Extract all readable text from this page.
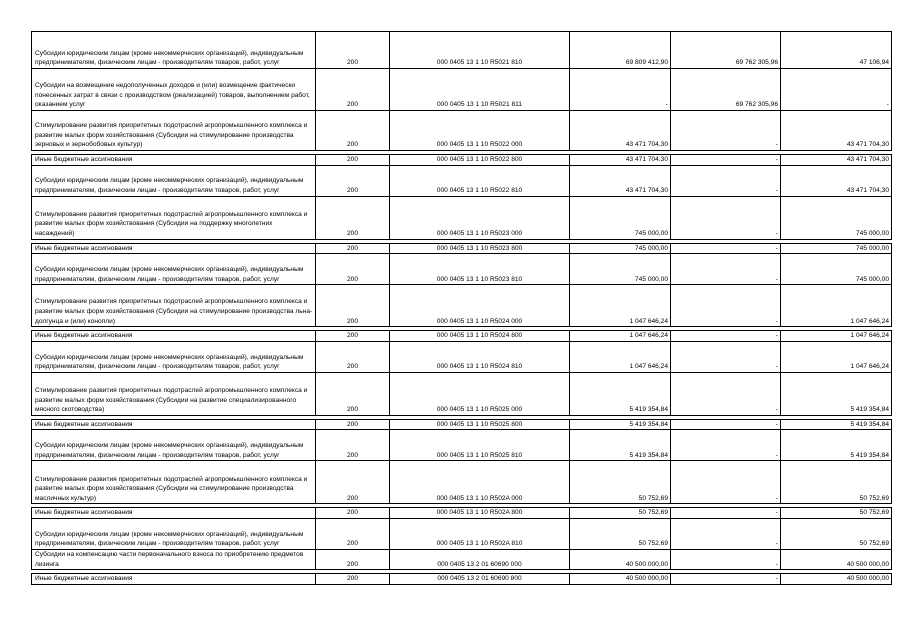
Субсидии юридическим лицам (кроме некоммерческих организаций), индивидуальным предпринимателям, физическим лицам - производителям товаров, работ, услуг	200	000 0405 13 1 10 R5021 810	69 809 412,90	69 762 305,96	47 106,94
Субсидии на возмещение недополученных доходов и (или) возмещение фактически понесенных затрат в связи с производством (реализацией) товаров, выполнением работ, оказанием услуг	200	000 0405 13 1 10 R5021 811	-	69 762 305,96	-
Стимулирование развития приоритетных подотраслей агропромышленного комплекса и развитие малых форм хозяйствования (Субсидии на стимулирование производства зерновых и зернобобовых культур)	200	000 0405 13 1 10 R5022 000	43 471 704,30	-	43 471 704,30

Иные бюджетные ассигнования	200	000 0405 13 1 10 R5022 800	43 471 704,30	-	43 471 704,30
Субсидии юридическим лицам (кроме некоммерческих организаций), индивидуальным предпринимателям, физическим лицам - производителям товаров, работ, услуг	200	000 0405 13 1 10 R5022 810	43 471 704,30	-	43 471 704,30
Стимулирование развития приоритетных подотраслей агропромышленного комплекса и развитие малых форм хозяйствования (Субсидии на поддержку многолетних насаждений)	200	000 0405 13 1 10 R5023 000	745 000,00	-	745 000,00

Иные бюджетные ассигнования	200	000 0405 13 1 10 R5023 800	745 000,00	-	745 000,00
Субсидии юридическим лицам (кроме некоммерческих организаций), индивидуальным предпринимателям, физическим лицам - производителям товаров, работ, услуг	200	000 0405 13 1 10 R5023 810	745 000,00	-	745 000,00
Стимулирование развития приоритетных подотраслей агропромышленного комплекса и развитие малых форм хозяйствования (Субсидии на стимулирование производства льна-долгунца и (или) конопли)	200	000 0405 13 1 10 R5024 000	1 047 646,24	-	1 047 646,24

Иные бюджетные ассигнования	200	000 0405 13 1 10 R5024 800	1 047 646,24	-	1 047 646,24
Субсидии юридическим лицам (кроме некоммерческих организаций), индивидуальным предпринимателям, физическим лицам - производителям товаров, работ, услуг	200	000 0405 13 1 10 R5024 810	1 047 646,24	-	1 047 646,24
Стимулирование развития приоритетных подотраслей агропромышленного комплекса и развитие малых форм хозяйствования (Субсидии на развитие специализированного мясного скотоводства)	200	000 0405 13 1 10 R5025 000	5 419 354,84	-	5 419 354,84

Иные бюджетные ассигнования	200	000 0405 13 1 10 R5025 800	5 419 354,84	-	5 419 354,84
Субсидии юридическим лицам (кроме некоммерческих организаций), индивидуальным предпринимателям, физическим лицам - производителям товаров, работ, услуг	200	000 0405 13 1 10 R5025 810	5 419 354,84	-	5 419 354,84
Стимулирование развития приоритетных подотраслей агропромышленного комплекса и развитие малых форм хозяйствования (Субсидии на стимулирование производства масличных культур)	200	000 0405 13 1 10 R502A 000	50 752,69	-	50 752,69

Иные бюджетные ассигнования	200	000 0405 13 1 10 R502A 800	50 752,69	-	50 752,69
Субсидии юридическим лицам (кроме некоммерческих организаций), индивидуальным предпринимателям, физическим лицам - производителям товаров, работ, услуг	200	000 0405 13 1 10 R502A 810	50 752,69	-	50 752,69
Субсидии на компенсацию части первоначального взноса по приобретению предметов лизинга	200	000 0405 13 2 01 60690 000	40 500 000,00	-	40 500 000,00

Иные бюджетные ассигнования	200	000 0405 13 2 01 60690 800	40 500 000,00	-	40 500 000,00
